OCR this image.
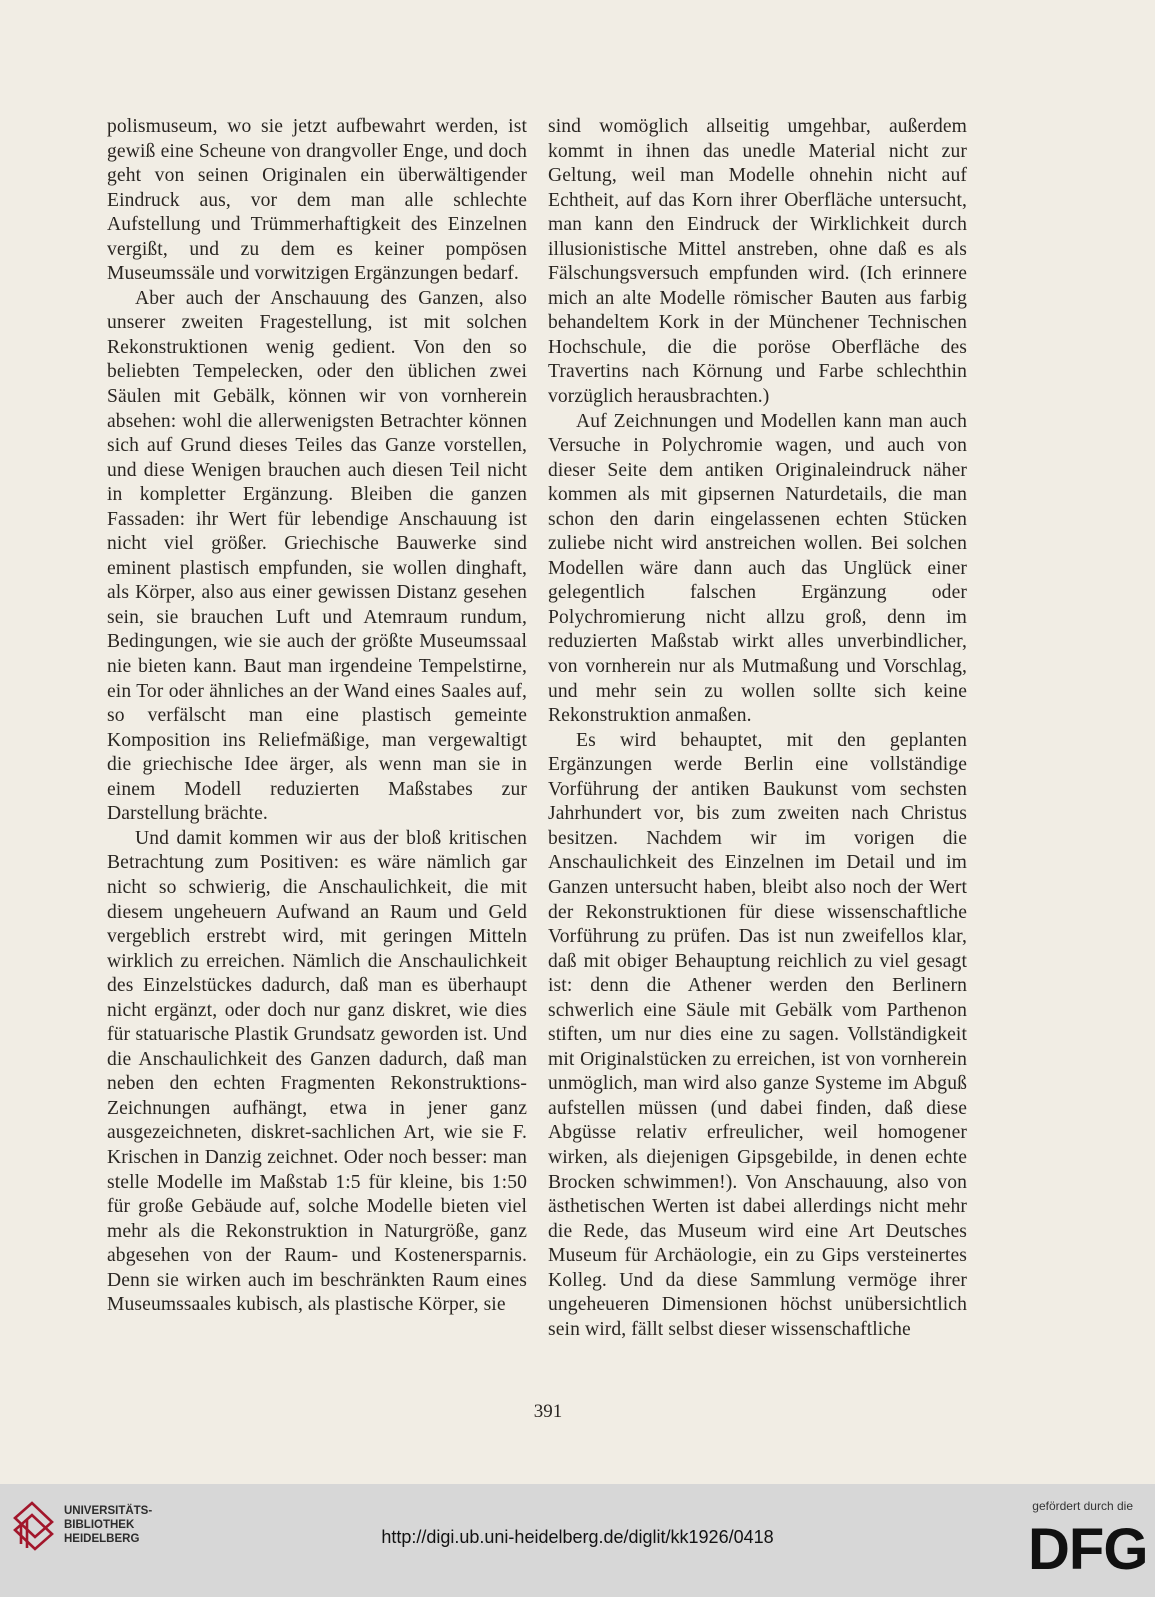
polismuseum, wo sie jetzt aufbewahrt werden, ist gewiß eine Scheune von drangvoller Enge, und doch geht von seinen Originalen ein überwältigender Eindruck aus, vor dem man alle schlechte Aufstellung und Trümmerhaftigkeit des Einzelnen vergißt, und zu dem es keiner pompösen Museumssäle und vorwitzigen Ergänzungen bedarf.

Aber auch der Anschauung des Ganzen, also unserer zweiten Fragestellung, ist mit solchen Rekonstruktionen wenig gedient. Von den so beliebten Tempelecken, oder den üblichen zwei Säulen mit Gebälk, können wir von vornherein absehen: wohl die allerwenigsten Betrachter können sich auf Grund dieses Teiles das Ganze vorstellen, und diese Wenigen brauchen auch diesen Teil nicht in kompletter Ergänzung. Bleiben die ganzen Fassaden: ihr Wert für lebendige Anschauung ist nicht viel größer. Griechische Bauwerke sind eminent plastisch empfunden, sie wollen dinghaft, als Körper, also aus einer gewissen Distanz gesehen sein, sie brauchen Luft und Atemraum rundum, Bedingungen, wie sie auch der größte Museumssaal nie bieten kann. Baut man irgendeine Tempelstirne, ein Tor oder ähnliches an der Wand eines Saales auf, so verfälscht man eine plastisch gemeinte Komposition ins Reliefmäßige, man vergewaltigt die griechische Idee ärger, als wenn man sie in einem Modell reduzierten Maßstabes zur Darstellung brächte.

Und damit kommen wir aus der bloß kritischen Betrachtung zum Positiven: es wäre nämlich gar nicht so schwierig, die Anschaulichkeit, die mit diesem ungeheuern Aufwand an Raum und Geld vergeblich erstrebt wird, mit geringen Mitteln wirklich zu erreichen. Nämlich die Anschaulichkeit des Einzelstückes dadurch, daß man es überhaupt nicht ergänzt, oder doch nur ganz diskret, wie dies für statuarische Plastik Grundsatz geworden ist. Und die Anschaulichkeit des Ganzen dadurch, daß man neben den echten Fragmenten Rekonstruktions-Zeichnungen aufhängt, etwa in jener ganz ausgezeichneten, diskret-sachlichen Art, wie sie F. Krischen in Danzig zeichnet. Oder noch besser: man stelle Modelle im Maßstab 1:5 für kleine, bis 1:50 für große Gebäude auf, solche Modelle bieten viel mehr als die Rekonstruktion in Naturgröße, ganz abgesehen von der Raum- und Kostenersparnis. Denn sie wirken auch im beschränkten Raum eines Museumssaales kubisch, als plastische Körper, sie

sind womöglich allseitig umgehbar, außerdem kommt in ihnen das unedle Material nicht zur Geltung, weil man Modelle ohnehin nicht auf Echtheit, auf das Korn ihrer Oberfläche untersucht, man kann den Eindruck der Wirklichkeit durch illusionistische Mittel anstreben, ohne daß es als Fälschungsversuch empfunden wird. (Ich erinnere mich an alte Modelle römischer Bauten aus farbig behandeltem Kork in der Münchener Technischen Hochschule, die die poröse Oberfläche des Travertins nach Körnung und Farbe schlechthin vorzüglich herausbrachten.)

Auf Zeichnungen und Modellen kann man auch Versuche in Polychromie wagen, und auch von dieser Seite dem antiken Originaleindruck näher kommen als mit gipsernen Naturdetails, die man schon den darin eingelassenen echten Stücken zuliebe nicht wird anstreichen wollen. Bei solchen Modellen wäre dann auch das Unglück einer gelegentlich falschen Ergänzung oder Polychromierung nicht allzu groß, denn im reduzierten Maßstab wirkt alles unverbindlicher, von vornherein nur als Mutmaßung und Vorschlag, und mehr sein zu wollen sollte sich keine Rekonstruktion anmaßen.

Es wird behauptet, mit den geplanten Ergänzungen werde Berlin eine vollständige Vorführung der antiken Baukunst vom sechsten Jahrhundert vor, bis zum zweiten nach Christus besitzen. Nachdem wir im vorigen die Anschaulichkeit des Einzelnen im Detail und im Ganzen untersucht haben, bleibt also noch der Wert der Rekonstruktionen für diese wissenschaftliche Vorführung zu prüfen. Das ist nun zweifellos klar, daß mit obiger Behauptung reichlich zu viel gesagt ist: denn die Athener werden den Berlinern schwerlich eine Säule mit Gebälk vom Parthenon stiften, um nur dies eine zu sagen. Vollständigkeit mit Originalstücken zu erreichen, ist von vornherein unmöglich, man wird also ganze Systeme im Abguß aufstellen müssen (und dabei finden, daß diese Abgüsse relativ erfreulicher, weil homogener wirken, als diejenigen Gipsgebilde, in denen echte Brocken schwimmen!). Von Anschauung, also von ästhetischen Werten ist dabei allerdings nicht mehr die Rede, das Museum wird eine Art Deutsches Museum für Archäologie, ein zu Gips versteinertes Kolleg. Und da diese Sammlung vermöge ihrer ungeheueren Dimensionen höchst unübersichtlich sein wird, fällt selbst dieser wissenschaftliche

391
UNIVERSITÄTS-
BIBLIOTHEK
HEIDELBERG	http://digi.ub.uni-heidelberg.de/diglit/kk1926/0418
gefördert durch die
DFG
